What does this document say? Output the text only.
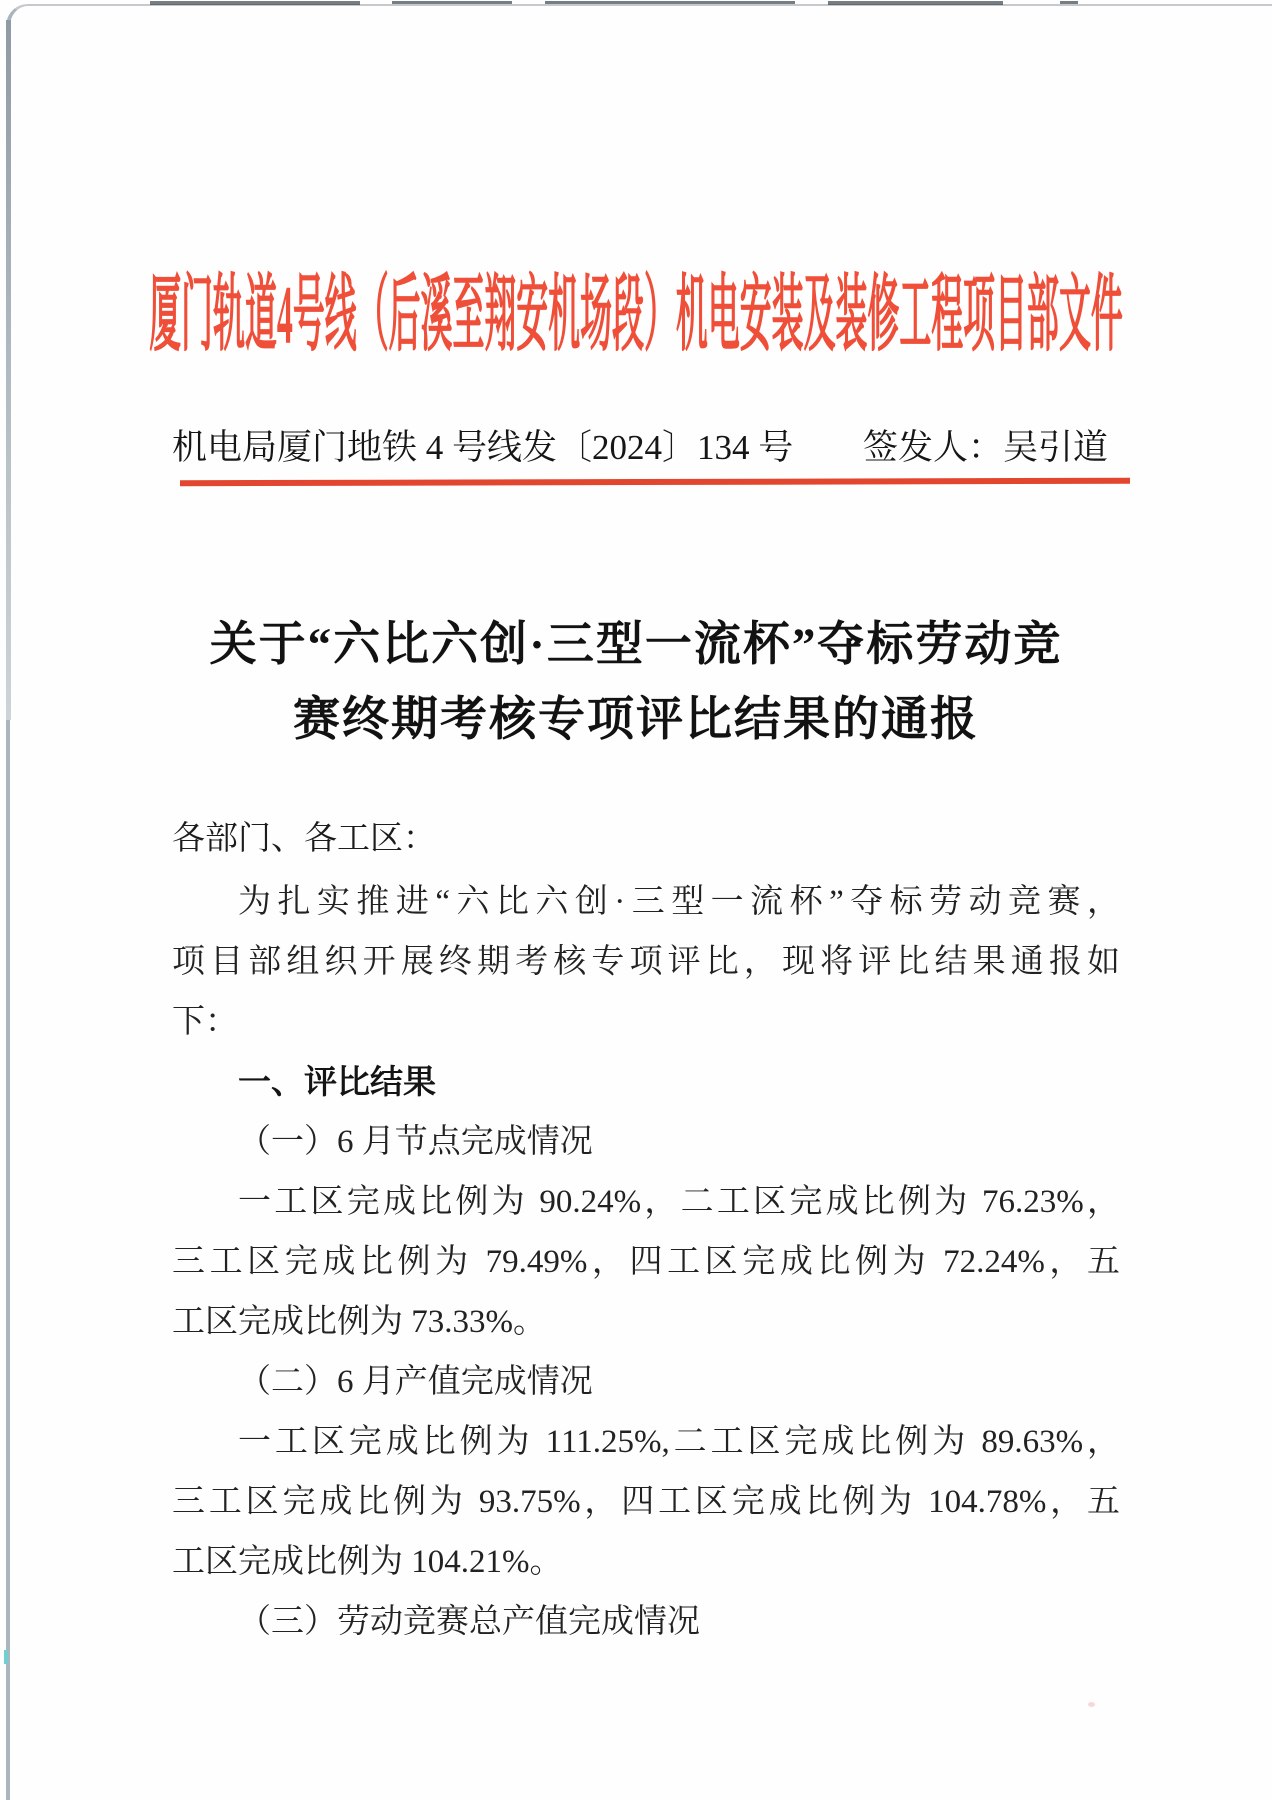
厦门轨道4号线（后溪至翔安机场段）机电安装及装修工程项目部文件
机电局厦门地铁 4 号线发〔2024〕134 号 签发人：吴引道
关于“六比六创·三型一流杯”夺标劳动竞
赛终期考核专项评比结果的通报
各部门、各工区：
为扎实推进“六比六创·三型一流杯”夺标劳动竞赛，
项目部组织开展终期考核专项评比，现将评比结果通报如
下：
一、评比结果
（一）6 月节点完成情况
一工区完成比例为 90.24%，二工区完成比例为 76.23%，
三工区完成比例为 79.49%，四工区完成比例为 72.24%，五
工区完成比例为 73.33%。
（二）6 月产值完成情况
一工区完成比例为 111.25%,二工区完成比例为 89.63%，
三工区完成比例为 93.75%，四工区完成比例为 104.78%，五
工区完成比例为 104.21%。
（三）劳动竞赛总产值完成情况
